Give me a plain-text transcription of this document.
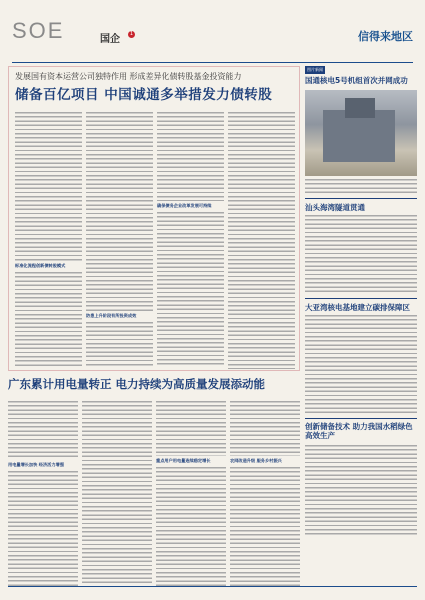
SOE	国企	1	信得来地区
发展国有资本运营公司独特作用 形成差异化债转股基金投资能力
储备百亿项目 中国诚通多举措发力债转股
标准化流程创新债转股模式
防患上升阶段有所投资成效
确保债务企业改革发展可持续
图片新闻
国通核电5号机组首次并网成功
汕头海湾隧道贯通
大亚湾核电基地建立碳排保障区
创新储备技术 助力我国水稻绿色高效生产
广东累计用电量转正 电力持续为高质量发展添动能
用电量增长加快 经济活力增强
重点用户用电量连续稳定增长	农网改造升级 服务乡村振兴
